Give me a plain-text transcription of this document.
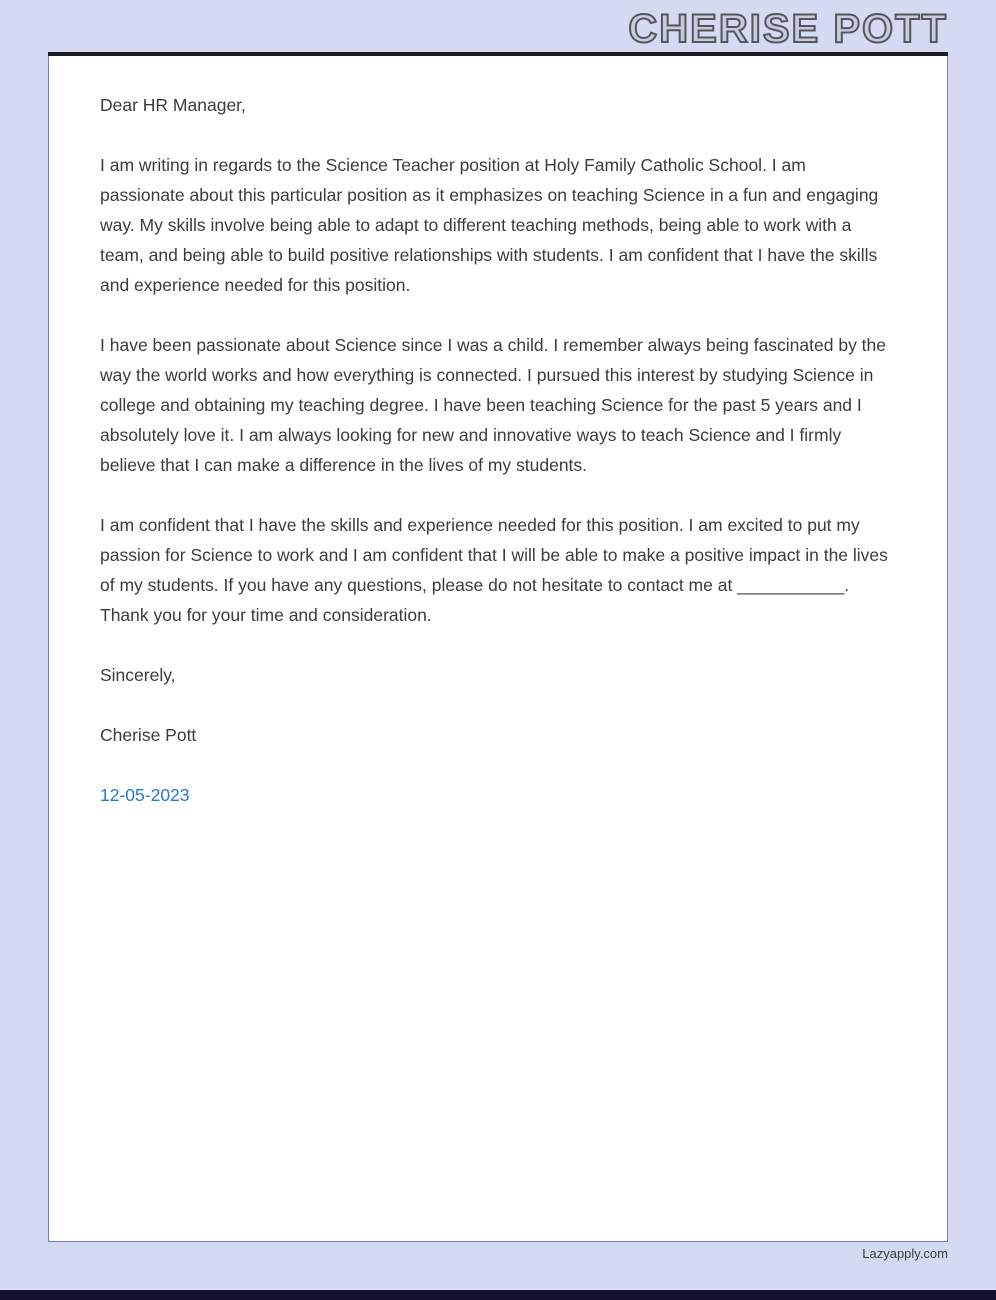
CHERISE POTT

Dear HR Manager,

I am writing in regards to the Science Teacher position at Holy Family Catholic School. I am passionate about this particular position as it emphasizes on teaching Science in a fun and engaging way. My skills involve being able to adapt to different teaching methods, being able to work with a team, and being able to build positive relationships with students. I am confident that I have the skills and experience needed for this position.

I have been passionate about Science since I was a child. I remember always being fascinated by the way the world works and how everything is connected. I pursued this interest by studying Science in college and obtaining my teaching degree. I have been teaching Science for the past 5 years and I absolutely love it. I am always looking for new and innovative ways to teach Science and I firmly believe that I can make a difference in the lives of my students.

I am confident that I have the skills and experience needed for this position. I am excited to put my passion for Science to work and I am confident that I will be able to make a positive impact in the lives of my students. If you have any questions, please do not hesitate to contact me at ___________. Thank you for your time and consideration.

Sincerely,

Cherise Pott

12-05-2023

Lazyapply.com
